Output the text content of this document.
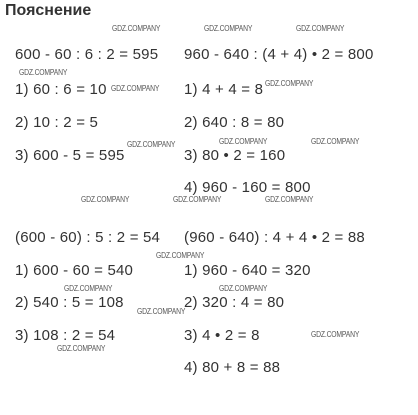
Пояснение
600 - 60 : 6 : 2 = 595
1) 60 : 6 = 10
2) 10 : 2 = 5
3) 600 - 5 = 595
960 - 640 : (4 + 4) • 2 = 800
1) 4 + 4 = 8
2) 640 : 8 = 80
3) 80 • 2 = 160
4) 960 - 160 = 800
(600 - 60) : 5 : 2 = 54
1) 600 - 60 = 540
2) 540 : 5 = 108
3) 108 : 2 = 54
(960 - 640) : 4 + 4 • 2 = 88
1) 960 - 640 = 320
2) 320 : 4 = 80
3) 4 • 2 = 8
4) 80 + 8 = 88
GDZ.COMPANY	GDZ.COMPANY	GDZ.COMPANY
GDZ.COMPANY
GDZ.COMPANY
GDZ.COMPANY
GDZ.COMPANY	GDZ.COMPANY	GDZ.COMPANY
GDZ.COMPANY	GDZ.COMPANY	GDZ.COMPANY
GDZ.COMPANY
GDZ.COMPANY	GDZ.COMPANY
GDZ.COMPANY
GDZ.COMPANY
GDZ.COMPANY
